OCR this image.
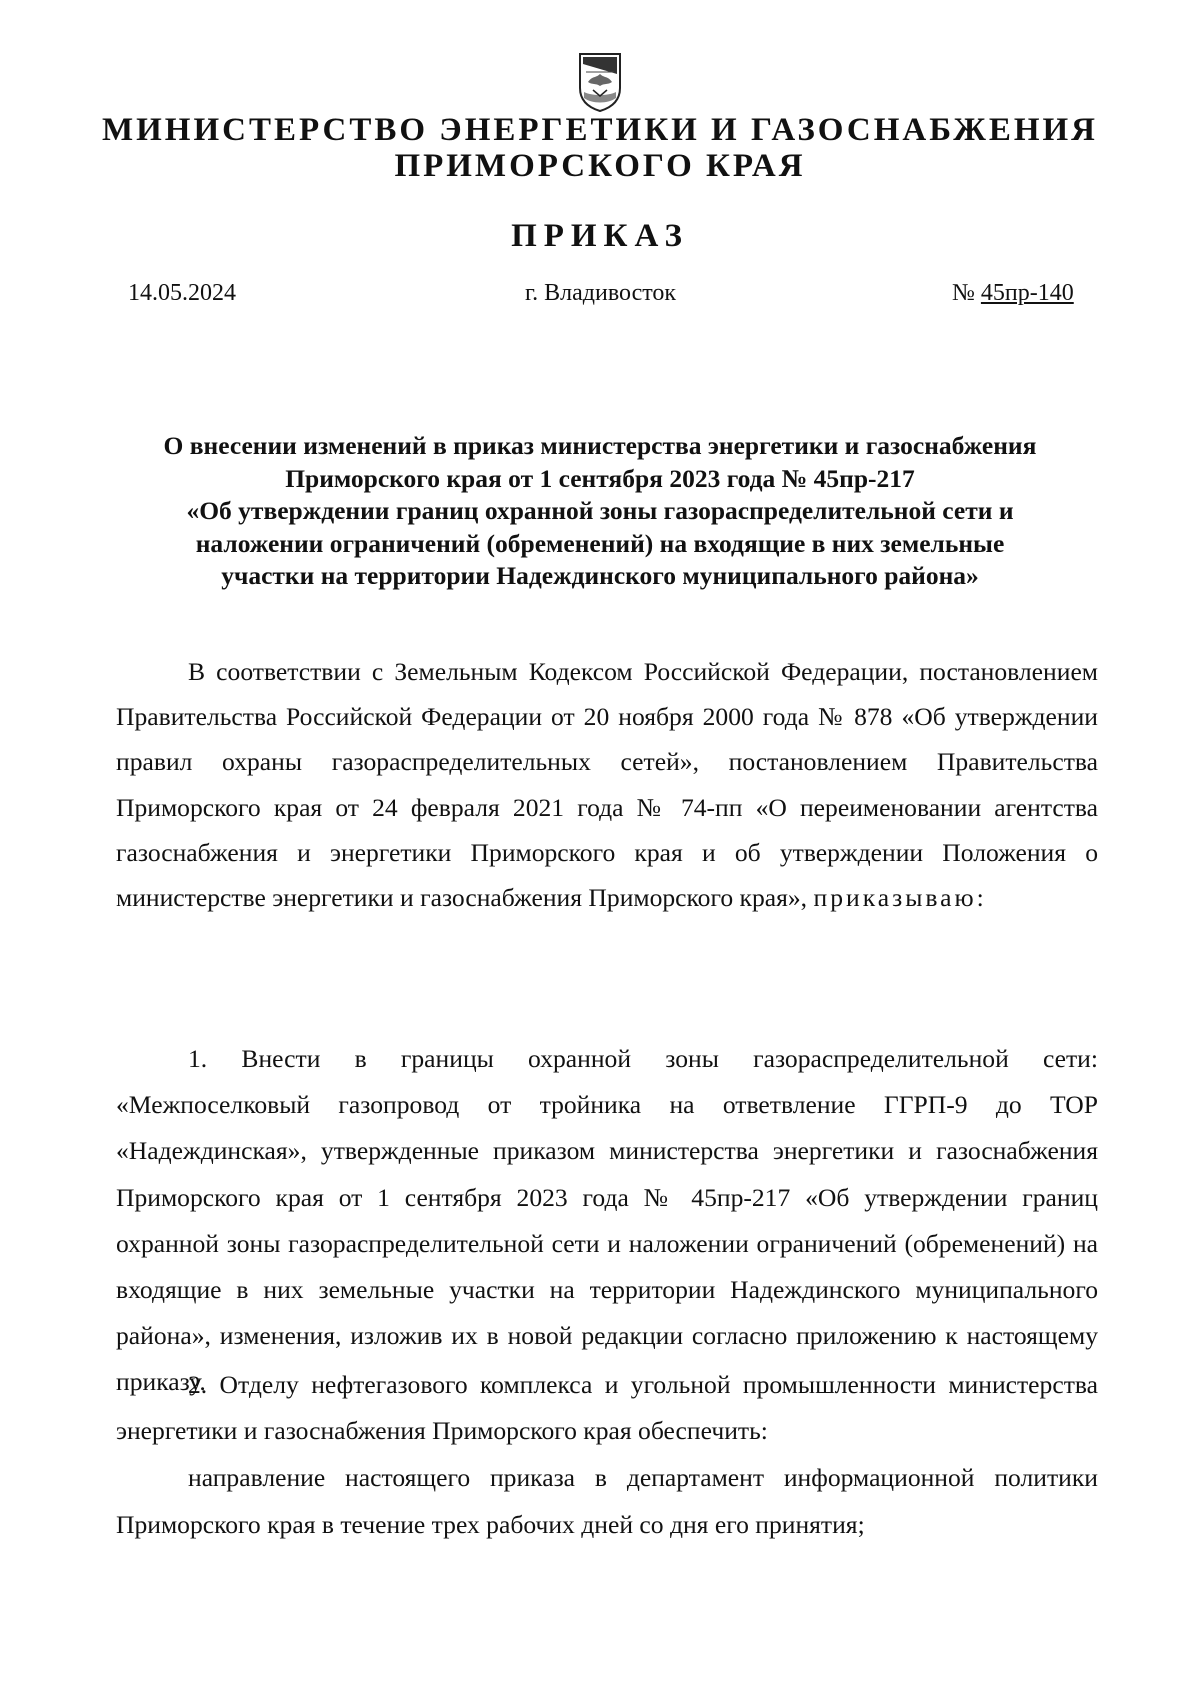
МИНИСТЕРСТВО ЭНЕРГЕТИКИ И ГАЗОСНАБЖЕНИЯ
ПРИМОРСКОГО КРАЯ
ПРИКАЗ
14.05.2024	г. Владивосток	№ 45пр-140
О внесении изменений в приказ министерства энергетики и газоснабжения
Приморского края от 1 сентября 2023 года № 45пр-217
«Об утверждении границ охранной зоны газораспределительной сети и
наложении ограничений (обременений) на входящие в них земельные
участки на территории Надеждинского муниципального района»

В соответствии с Земельным Кодексом Российской Федерации, постановлением Правительства Российской Федерации от 20 ноября 2000 года № 878 «Об утверждении правил охраны газораспределительных сетей», постановлением Правительства Приморского края от 24 февраля 2021 года № 74-пп «О переименовании агентства газоснабжения и энергетики Приморского края и об утверждении Положения о министерстве энергетики и газоснабжения Приморского края», приказываю:

1. Внести в границы охранной зоны газораспределительной сети: «Межпоселковый газопровод от тройника на ответвление ГГРП-9 до ТОР «Надеждинская», утвержденные приказом министерства энергетики и газоснабжения Приморского края от 1 сентября 2023 года № 45пр-217 «Об утверждении границ охранной зоны газораспределительной сети и наложении ограничений (обременений) на входящие в них земельные участки на территории Надеждинского муниципального района», изменения, изложив их в новой редакции согласно приложению к настоящему приказу.

2. Отделу нефтегазового комплекса и угольной промышленности министерства энергетики и газоснабжения Приморского края обеспечить:

направление настоящего приказа в департамент информационной политики Приморского края в течение трех рабочих дней со дня его принятия;
